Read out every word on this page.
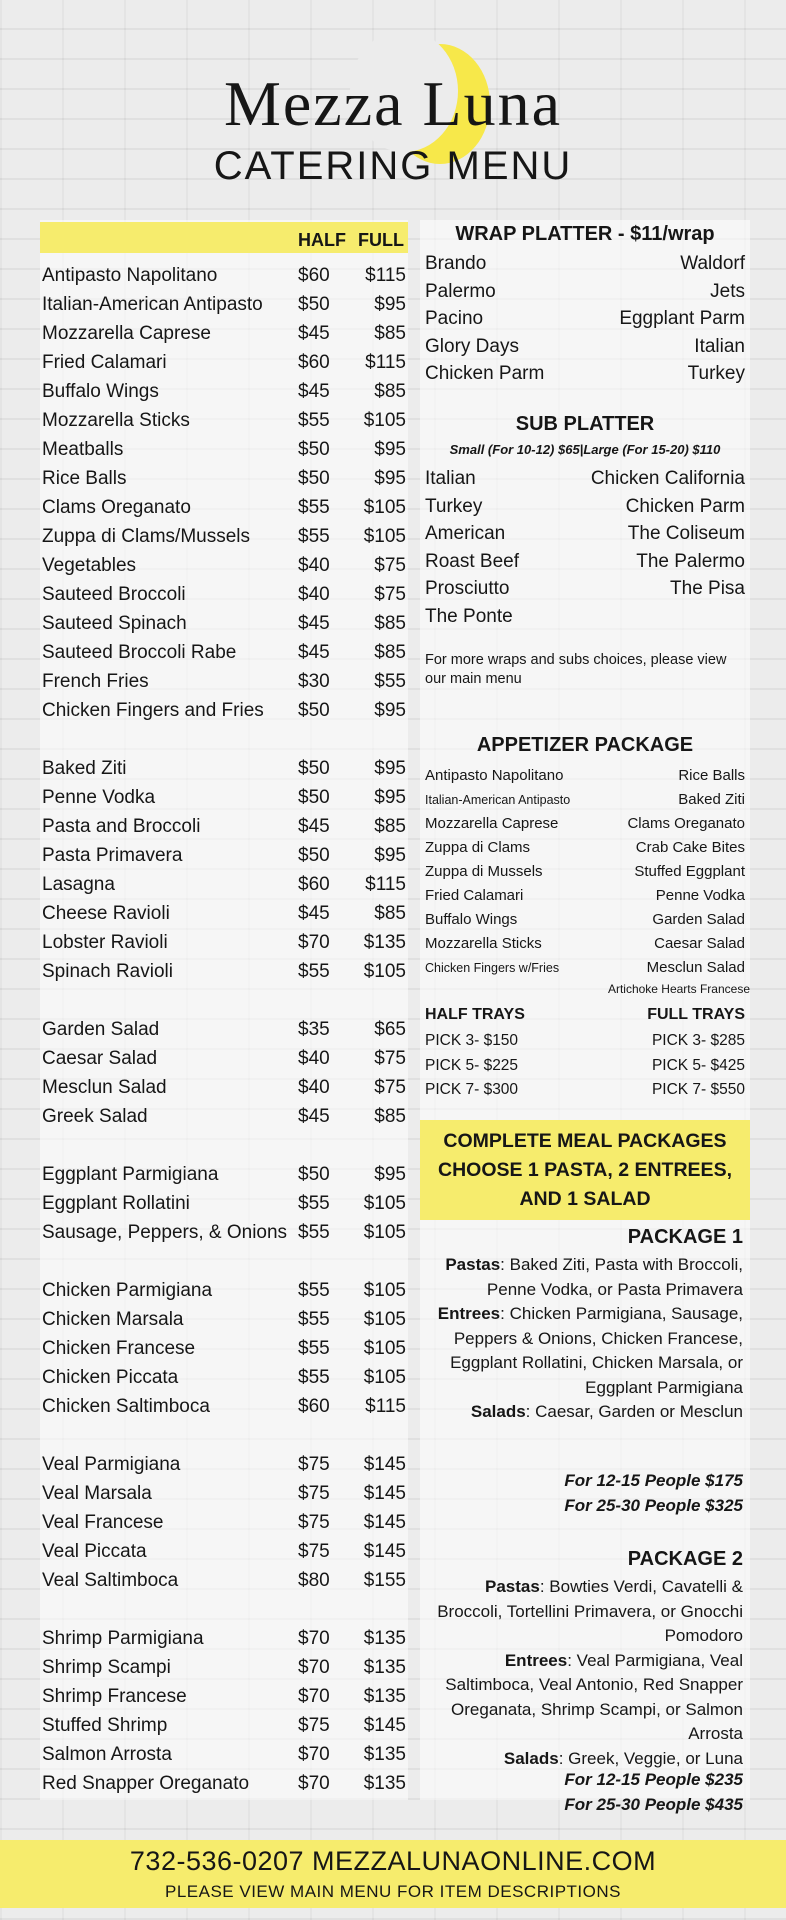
Mezza Luna
CATERING MENU
HALF FULL
Antipasto Napolitano	$60 $115
Italian-American Antipasto $50 $95
Mozzarella Caprese	$45 $85
Fried Calamari	$60 $115
Buffalo Wings	$45 $85
Mozzarella Sticks	$55 $105
Meatballs	$50 $95
Rice Balls	$50 $95
Clams Oreganato	$55 $105
Zuppa di Clams/Mussels	$55 $105
Vegetables	$40 $75
Sauteed Broccoli	$40 $75
Sauteed Spinach	$45 $85
Sauteed Broccoli Rabe	$45 $85
French Fries	$30 $55
Chicken Fingers and Fries $50 $95
Baked Ziti	$50 $95
Penne Vodka	$50 $95
Pasta and Broccoli	$45 $85
Pasta Primavera	$50 $95
Lasagna	$60 $115
Cheese Ravioli	$45 $85
Lobster Ravioli	$70 $135
Spinach Ravioli	$55 $105
Garden Salad	$35 $65
Caesar Salad	$40 $75
Mesclun Salad	$40 $75
Greek Salad	$45 $85
Eggplant Parmigiana	$50 $95
Eggplant Rollatini	$55 $105
Sausage, Peppers, & Onions $55 $105
Chicken Parmigiana	$55 $105
Chicken Marsala	$55 $105
Chicken Francese	$55 $105
Chicken Piccata	$55 $105
Chicken Saltimboca	$60 $115
Veal Parmigiana	$75 $145
Veal Marsala	$75 $145
Veal Francese	$75 $145
Veal Piccata	$75 $145
Veal Saltimboca	$80 $155
Shrimp Parmigiana	$70 $135
Shrimp Scampi	$70 $135
Shrimp Francese	$70 $135
Stuffed Shrimp	$75 $145
Salmon Arrosta	$70 $135
Red Snapper Oreganato	$70 $135
WRAP PLATTER - $11/wrap
Brando	Waldorf
Palermo	Jets
Pacino	Eggplant Parm
Glory Days	Italian
Chicken Parm	Turkey
SUB PLATTER
Small (For 10-12) $65|Large (For 15-20) $110
Italian	Chicken California
Turkey	Chicken Parm
American	The Coliseum
Roast Beef	The Palermo
Prosciutto	The Pisa
The Ponte
For more wraps and subs choices, please view our main menu
APPETIZER PACKAGE
Antipasto Napolitano	Rice Balls
Italian-American Antipasto	Baked Ziti
Mozzarella Caprese	Clams Oreganato
Zuppa di Clams	Crab Cake Bites
Zuppa di Mussels	Stuffed Eggplant
Fried Calamari	Penne Vodka
Buffalo Wings	Garden Salad
Mozzarella Sticks	Caesar Salad
Chicken Fingers w/Fries	Mesclun Salad
Artichoke Hearts Francese
HALF TRAYS	FULL TRAYS
PICK 3- $150	PICK 3- $285
PICK 5- $225	PICK 5- $425
PICK 7- $300	PICK 7- $550
COMPLETE MEAL PACKAGES
CHOOSE 1 PASTA, 2 ENTREES,
AND 1 SALAD
PACKAGE 1
Pastas: Baked Ziti, Pasta with Broccoli, Penne Vodka, or Pasta Primavera
Entrees: Chicken Parmigiana, Sausage, Peppers & Onions, Chicken Francese, Eggplant Rollatini, Chicken Marsala, or Eggplant Parmigiana
Salads: Caesar, Garden or Mesclun
For 12-15 People $175
For 25-30 People $325
PACKAGE 2
Pastas: Bowties Verdi, Cavatelli & Broccoli, Tortellini Primavera, or Gnocchi Pomodoro
Entrees: Veal Parmigiana, Veal Saltimboca, Veal Antonio, Red Snapper Oreganata, Shrimp Scampi, or Salmon Arrosta
Salads: Greek, Veggie, or Luna
For 12-15 People $235
For 25-30 People $435
732-536-0207 MEZZALUNAONLINE.COM
PLEASE VIEW MAIN MENU FOR ITEM DESCRIPTIONS
